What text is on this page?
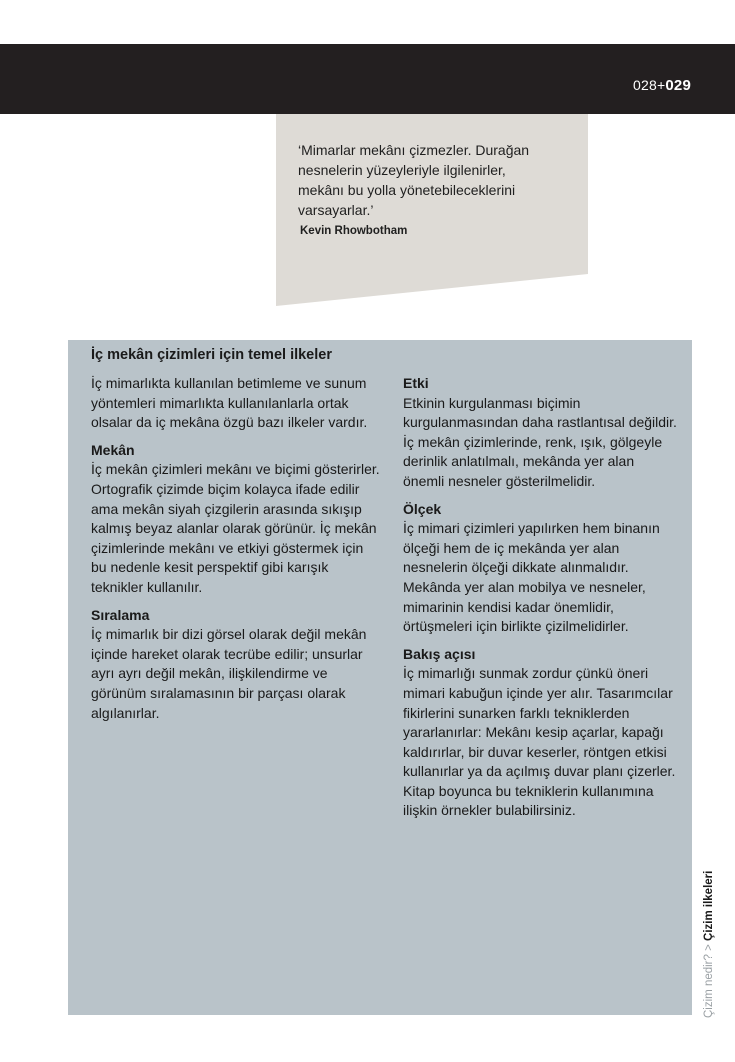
028+029
‘Mimarlar mekânı çizmezler. Durağan
nesnelerin yüzeyleriyle ilgilenirler,
mekânı bu yolla yönetebileceklerini
varsayarlar.’
Kevin Rhowbotham
İç mekân çizimleri için temel ilkeler

İç mimarlıkta kullanılan betimleme ve sunum yöntemleri mimarlıkta kullanılanlarla ortak olsalar da iç mekâna özgü bazı ilkeler vardır.

Mekân

İç mekân çizimleri mekânı ve biçimi gösterirler. Ortografik çizimde biçim kolayca ifade edilir ama mekân siyah çizgilerin arasında sıkışıp kalmış beyaz alanlar olarak görünür. İç mekân çizimlerinde mekânı ve etkiyi göstermek için bu nedenle kesit perspektif gibi karışık teknikler kullanılır.

Sıralama

İç mimarlık bir dizi görsel olarak değil mekân içinde hareket olarak tecrübe edilir; unsurlar ayrı ayrı değil mekân, ilişkilendirme ve görünüm sıralamasının bir parçası olarak algılanırlar.

Etki

Etkinin kurgulanması biçimin kurgulanmasından daha rastlantısal değildir. İç mekân çizimlerinde, renk, ışık, gölgeyle derinlik anlatılmalı, mekânda yer alan önemli nesneler gösterilmelidir.

Ölçek

İç mimari çizimleri yapılırken hem binanın ölçeği hem de iç mekânda yer alan nesnelerin ölçeği dikkate alınmalıdır. Mekânda yer alan mobilya ve nesneler, mimarinin kendisi kadar önemlidir, örtüşmeleri için birlikte çizilmelidirler.

Bakış açısı

İç mimarlığı sunmak zordur çünkü öneri mimari kabuğun içinde yer alır. Tasarımcılar fikirlerini sunarken farklı tekniklerden yararlanırlar: Mekânı kesip açarlar, kapağı kaldırırlar, bir duvar keserler, röntgen etkisi kullanırlar ya da açılmış duvar planı çizerler. Kitap boyunca bu tekniklerin kullanımına ilişkin örnekler bulabilirsiniz.

Çizim nedir? > Çizim ilkeleri
